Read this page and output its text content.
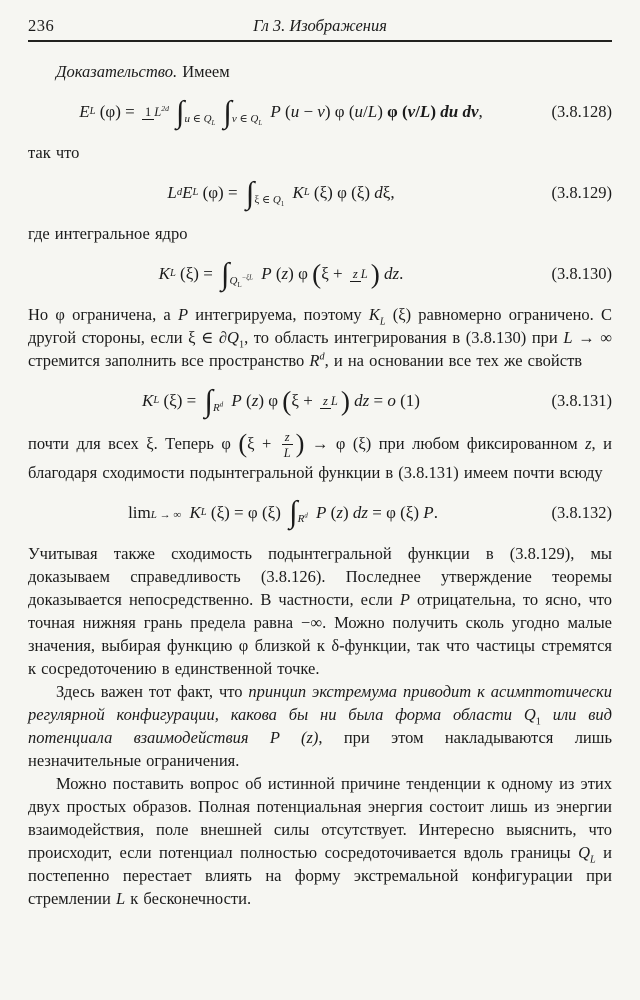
236	Гл 3. Изображения

Доказательство. Имеем

E L (φ) = 1 $L^{2d}$ ∫u ∈ $Q_L$ ∫v ∈ $Q_L$

P ( u − v ) φ ( u / L ) φ ( v / L ) du dv ,	(3.8.128)

так что

L d E L (φ) = ∫ξ ∈ $Q_1$

K L (ξ) φ (ξ) d ξ,	(3.8.129)

где интегральное ядро

K L $(\xi) = \int Q_L^{-\xi L}$
P ( z ) φ ( ξ + z L )
dz .	(3.8.130)

Но φ ограничена, а P интегрируема, поэтому $K_L$ (ξ) равномерно ограничено. С другой стороны, если ξ ∈ $\partial Q_1$, то область интегрирования в (3.8.130) при L → ∞ стремится заполнить все пространство $R^d$, и на основании все тех же свойств

K L $(\xi) = \int R^d$
P ( z ) φ ( ξ + z L )
dz = o (1)	(3.8.131)

почти для всех ξ. Теперь φ ($\xi + \frac{z}{L}$ ) → φ (ξ) при любом фиксированном z, и благодаря сходимости подынтегральной функции в (3.8.131) имеем почти всюду

limL → ∞
K L (ξ) = φ (ξ) $\int R^d$
P ( z ) dz = φ (ξ) P .	(3.8.132)

Учитывая также сходимость подынтегральной функции в (3.8.129), мы доказываем справедливость (3.8.126). Последнее утверждение теоремы доказывается непосредственно. В частности, если P отрицательна, то ясно, что точная нижняя грань предела равна −∞. Можно получить сколь угодно малые значения, выбирая функцию φ близкой к δ-функции, так что частицы стремятся к сосредоточению в единственной точке.

Здесь важен тот факт, что принцип экстремума приводит к асимптотически регулярной конфигурации, какова бы ни была форма области $Q_1$ или вид потенциала взаимодействия P (z), при этом накладываются лишь незначительные ограничения.

Можно поставить вопрос об истинной причине тенденции к одному из этих двух простых образов. Полная потенциальная энергия состоит лишь из энергии взаимодействия, поле внешней силы отсутствует. Интересно выяснить, что происходит, если потенциал полностью сосредоточивается вдоль границы $Q_L$ и постепенно перестает влиять на форму экстремальной конфигурации при стремлении L к бесконечности.
